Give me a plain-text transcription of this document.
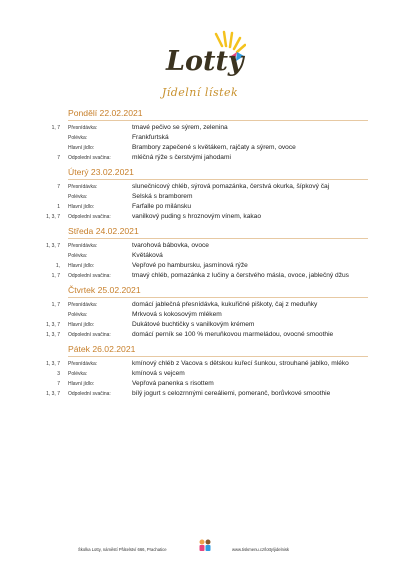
Lotty
Jídelní lístek
Pondělí 22.02.2021
1, 7 Přesnídávka:	tmavé pečivo se sýrem, zelenina
Polévka:	Frankfurtská
Hlavní jídlo:	Brambory zapečené s květákem, rajčaty a sýrem, ovoce
7 Odpolední svačina:	mléčná rýže s čerstvými jahodami
Úterý 23.02.2021
7 Přesnídávka:	slunečnicový chléb, sýrová pomazánka, čerstvá okurka, šípkový čaj
Polévka:	Selská s bramborem
1 Hlavní jídlo:	Farfalle po milánsku
1, 3, 7 Odpolední svačina:	vanilkový puding s hroznovým vínem, kakao
Středa 24.02.2021
1, 3, 7 Přesnídávka:	tvarohová bábovka, ovoce
Polévka:	Květáková
1, Hlavní jídlo:	Vepřové po hambursku, jasmínová rýže
1, 7 Odpolední svačina:	tmavý chléb, pomazánka z lučiny a čerstvého másla, ovoce, jablečný džus
Čtvrtek 25.02.2021
1, 7 Přesnídávka:	domácí jablečná přesnídávka, kukuřičné piškoty, čaj z meduňky
Polévka:	Mrkvová s kokosovým mlékem
1, 3, 7 Hlavní jídlo:	Dukátové buchtičky s vanilkovým krémem
1, 3, 7 Odpolední svačina:	domácí perník se 100 % meruňkovou marmeládou, ovocné smoothie
Pátek 26.02.2021
1, 3, 7 Přesnídávka:	kmínový chléb z Vacova s dětskou kuřecí šunkou, strouhané jablko, mléko
3 Polévka:	kmínová s vejcem
7 Hlavní jídlo:	Vepřová panenka s risottem
1, 3, 7 Odpolední svačina:	bílý jogurt s celozrnnými cereáliemi, pomeranč, borůvkové smoothie
Školka Lotty, náměstí Přátelství 666, Prachatice	www.tiskmenu.cz/lotty/jidelnisk
